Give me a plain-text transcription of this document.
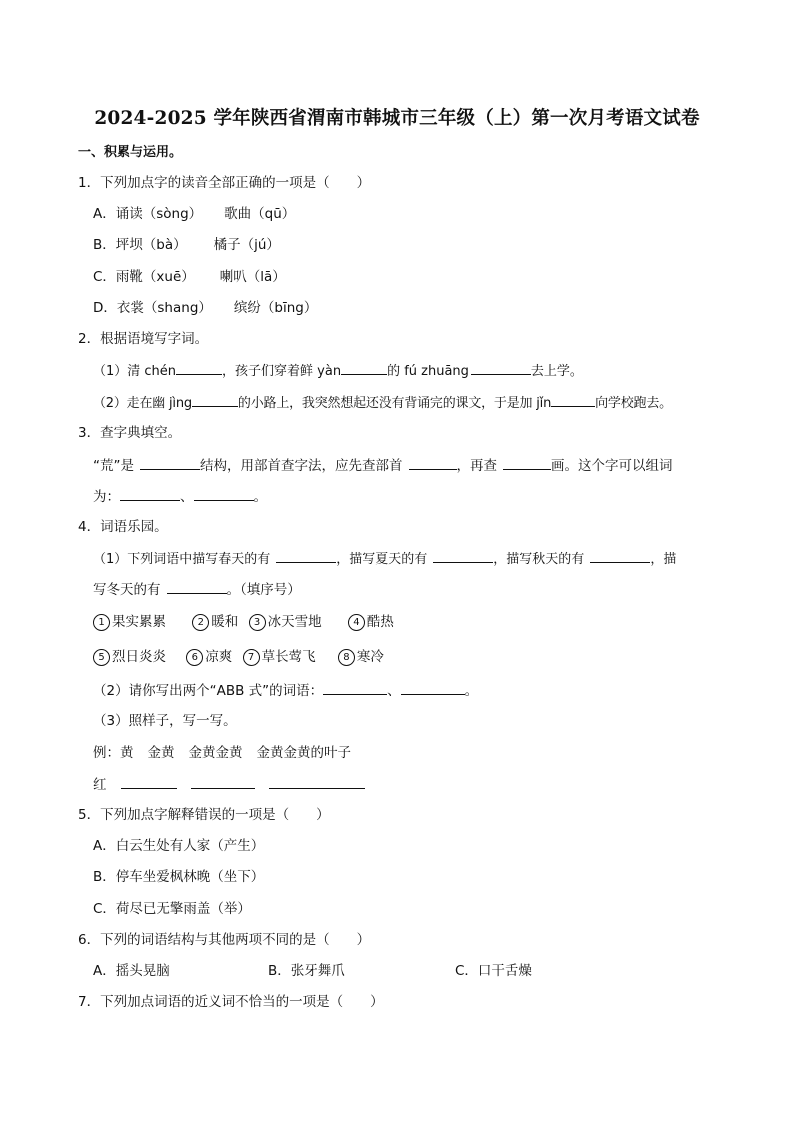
2024-2025 学年陕西省渭南市韩城市三年级（上）第一次月考语文试卷
一、积累与运用。
1．下列加点字的读音全部正确的一项是（　　）
A．诵读（sòng） 歌曲（qū）
B．坪坝（bà） 橘子（jú）
C．雨靴（xuē） 喇叭（lā）
D．衣裳（shang） 缤纷（bīng）
2．根据语境写字词。
（1）清 chén	，孩子们穿着鲜 yàn	的 fú zhuāng	去上学。
（2）走在幽 jìng	的小路上，我突然想起还没有背诵完的课文，于是加 jǐn	向学校跑去。
3．查字典填空。
“荒”是	结构，用部首查字法，应先查部首	，再查	画。这个字可以组词
为：	、	。
4．词语乐园。
（1）下列词语中描写春天的有	，描写夏天的有	，描写秋天的有	，描
写冬天的有	。（填序号）
1 果实累累	2 暖和 3 冰天雪地	4 酷热
5 烈日炎炎	6 凉爽 7 草长莺飞	8 寒冷
（2）请你写出两个“ABB 式”的词语：	、	。
（3）照样子，写一写。
例：黄 金黄 金黄金黄 金黄金黄的叶子
红
5．下列加点字解释错误的一项是（　　）
A．白云生处有人家（产生）
B．停车坐爱枫林晚（坐下）
C．荷尽已无擎雨盖（举）
6．下列的词语结构与其他两项不同的是（　　）
A．摇头晃脑	B．张牙舞爪	C．口干舌燥
7．下列加点词语的近义词不恰当的一项是（　　）
